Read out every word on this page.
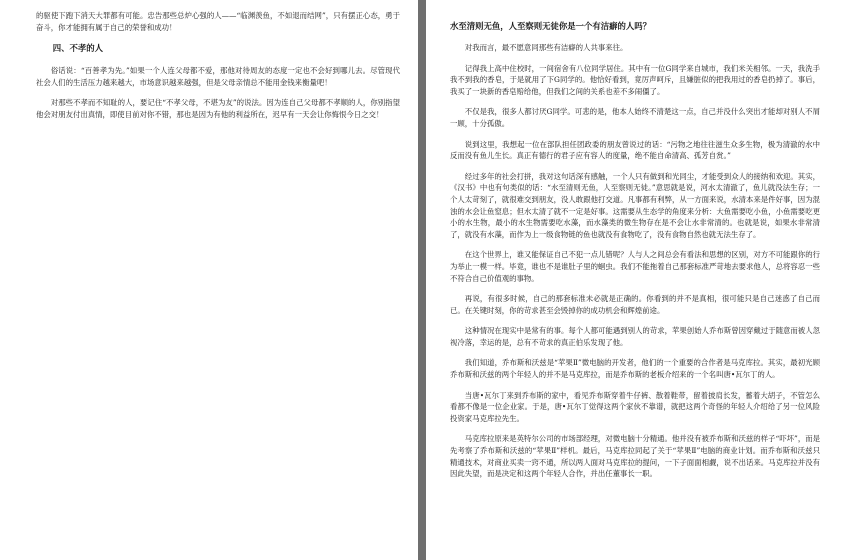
的驱使下跑下消天大罪都有可能。忠告那些总炉心强的人——“临渊羡鱼，不如退而结网”，只有摆正心态，勇于奋斗，你才能拥有属于自己的荣誉和成功！

四、不孝的人

俗话说：“百善孝为先。”如果一个人连父母都不爱，那他对待周友的态度一定也不会好到哪儿去。尽管现代社会人们的生活压力越来越大，市场意识越来越强，但是父母亲情总不能用金钱来衡量吧！

对那些不孝而不知耻的人，要记住“不孝父母，不堪为友”的说法。因为连自己父母都不孝顺的人，你别指望他会对朋友付出真情，即使目前对你不错，那也是因为有他的利益所在，迟早有一天会让你悔恨今日之交！

水至清则无鱼，人至察则无徒你是一个有洁癖的人吗？

对我而言，最不愿意同那些有洁癖的人共事来往。

记得我上高中住校时，一间宿舍有八位同学居住。其中有一位G同学来自城市，我们米关相邻。一天，我洗手我不到我的香皂，于是就用了下G同学的。他恰好看到，竟厉声呵斥，且嫌脏似的把我用过的香皂扔掉了。事后，我买了一块新的香皂赔给他，但我们之间的关系也差不多闹僵了。

不仅是我，很多人都讨厌G同学。可悲的是，他本人始终不清楚这一点，自己并没什么突出才能却对别人不屑一顾，十分孤傲。

说到这里，我想起一位在部队担任团政委的朋友曾说过的话：“污物之地往往滋生众多生物，极为清澈的水中反而没有鱼儿生长。真正有德行的君子应有容人的度量，绝不能自命清高、孤芳自赏。”

经过多年的社会打拼，我对这句话深有感触，一个人只有做到和光同尘，才能受到众人的接纳和欢迎。其实，《汉书》中也有句类似的话：“水至清则无鱼，人至察则无徒。”意思就是说，河水太清澈了，鱼儿就没法生存；一个人太苛刻了，就很难交到朋友，没人敢跟他打交道。凡事都有利弊，从一方面来说，水清本来是件好事，因为混浊的水会让鱼窒息；但水太清了就不一定是好事。这需要从生态学的角度来分析：大鱼需要吃小鱼，小鱼需要吃更小的水生物，最小的水生物需要吃水藻，而水藻类的微生物存在是不会让水非常清的。也就是说，如果水非常清了，就没有水藻，而作为上一级食物链的鱼也就没有食物吃了，没有食物自然也就无法生存了。

在这个世界上，谁又能保证自己不犯一点儿错呢？人与人之间总会有看法和思想的区别，对方不可能跟你的行为举止一模一样。毕竟，谁也不是谁肚子里的蛔虫。我们不能拖着自己那套标准严苛地去要求他人，总将容忍一些不符合自己价值观的事物。

再说，有很多时候，自己的那套标准未必就是正确的。你看到的并不是真相，很可能只是自己迷惑了自己而已。在关键时刻，你的苛求甚至会毁掉你的成功机会和辉煌前途。

这种情况在现实中是常有的事。每个人都可能遇到别人的苛求，苹果创始人乔布斯曾因穿戴过于随意而被人忽视冷落，幸运的是，总有不苛求的真正伯乐发现了他。

我们知道，乔布斯和沃兹是“苹果Ⅱ”微电脑的开发者，他们的一个重要的合作者是马克库拉。其实，最初光顾乔布斯和沃兹的两个年轻人的并不是马克库拉，而是乔布斯的老板介绍来的一个名叫唐•瓦尔丁的人。

当唐•瓦尔丁来到乔布斯的家中，看见乔布斯穿着牛仔裤、散着鞋带，留着披肩长发，蓄着大胡子，不管怎么看都不像是一位企业家。于是，唐•瓦尔丁觉得这两个家伙不靠谱，就把这两个奇怪的年轻人介绍给了另一位风险投资家马克库拉先生。

马克库拉原来是英特尔公司的市场部经理，对微电脑十分精通。他并没有被乔布斯和沃兹的样子“吓坏”，而是先考察了乔布斯和沃兹的“苹果Ⅱ”样机。最后，马克库拉同起了关于“苹果Ⅱ”电脑的商业计划。而乔布斯和沃兹只精通技术，对商业买卖一窍不通，所以两人面对马克库拉的提问，一下子面面相觑，说不出话来。马克库拉并没有因此失望，而是决定和这两个年轻人合作，并出任董事长一职。
